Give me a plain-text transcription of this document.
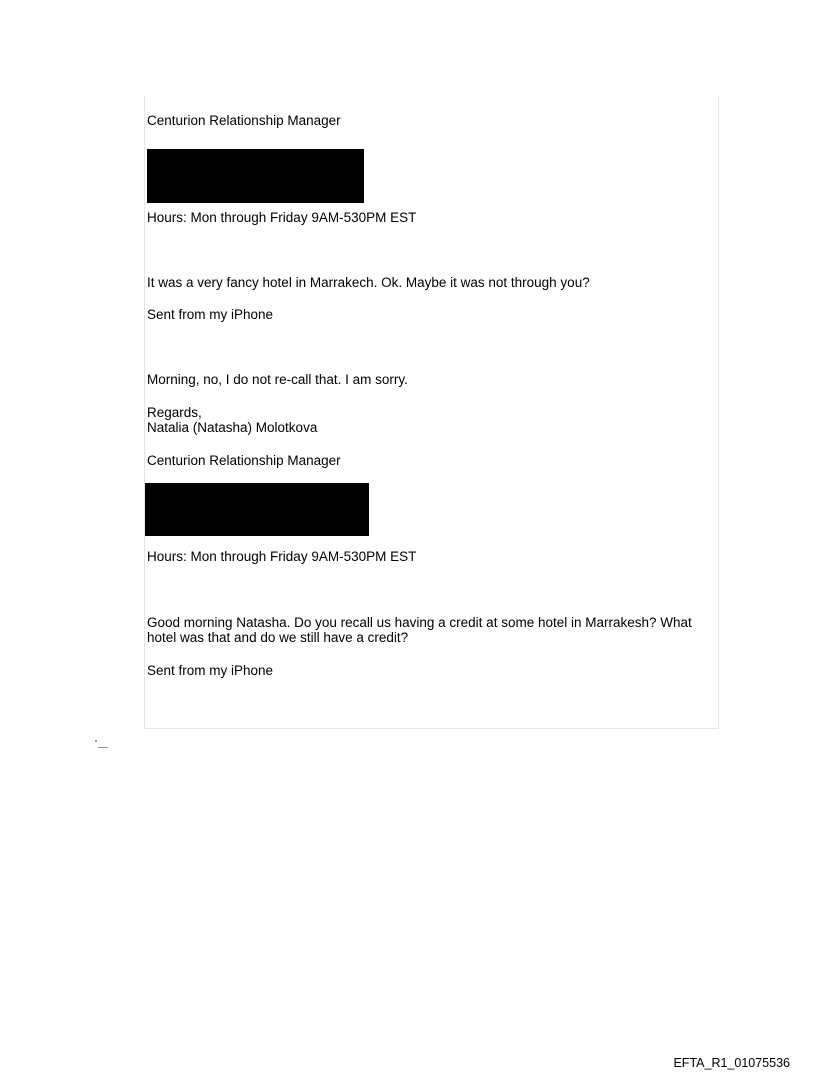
Centurion Relationship Manager
Hours: Mon through Friday 9AM-530PM EST
It was a very fancy hotel in Marrakech. Ok. Maybe it was not through you?
Sent from my iPhone
Morning, no, I do not re-call that. I am sorry.
Regards,
Natalia (Natasha) Molotkova
Centurion Relationship Manager
Hours: Mon through Friday 9AM-530PM EST
Good morning Natasha. Do you recall us having a credit at some hotel in Marrakesh? What hotel was that and do we still have a credit?
Sent from my iPhone
EFTA_R1_01075536
